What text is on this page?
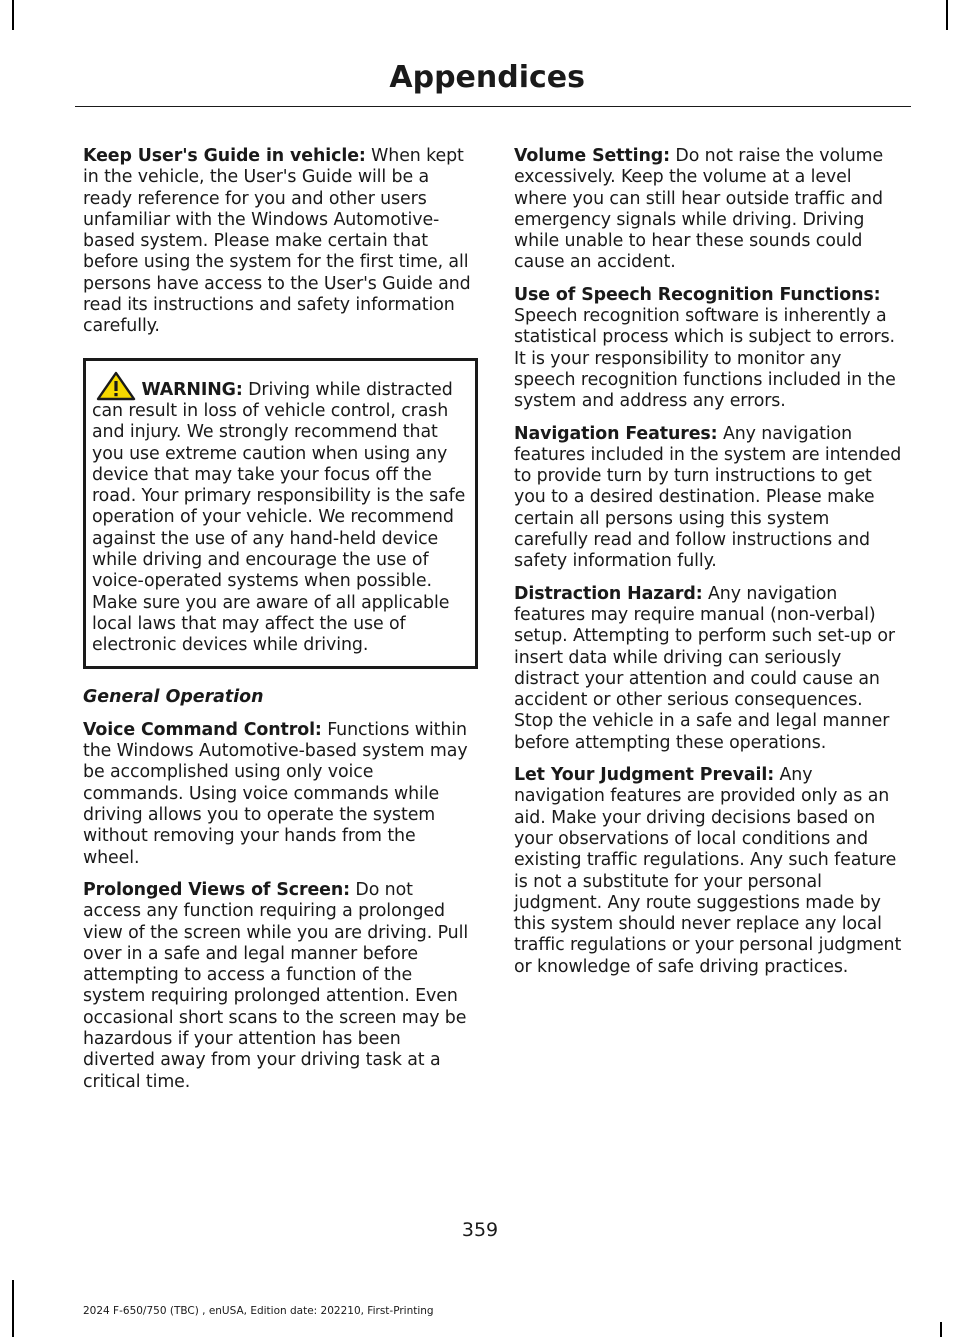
Appendices

Keep User's Guide in vehicle: When kept in the vehicle, the User's Guide will be a ready reference for you and other users unfamiliar with the Windows Automotive-based system. Please make certain that before using the system for the first time, all persons have access to the User's Guide and read its instructions and safety information carefully.

WARNING: Driving while distracted can result in loss of vehicle control, crash and injury. We strongly recommend that you use extreme caution when using any device that may take your focus off the road. Your primary responsibility is the safe operation of your vehicle. We recommend against the use of any hand-held device while driving and encourage the use of voice-operated systems when possible. Make sure you are aware of all applicable local laws that may affect the use of electronic devices while driving.

General Operation

Voice Command Control: Functions within the Windows Automotive-based system may be accomplished using only voice commands. Using voice commands while driving allows you to operate the system without removing your hands from the wheel.

Prolonged Views of Screen: Do not access any function requiring a prolonged view of the screen while you are driving. Pull over in a safe and legal manner before attempting to access a function of the system requiring prolonged attention. Even occasional short scans to the screen may be hazardous if your attention has been diverted away from your driving task at a critical time.

Volume Setting: Do not raise the volume excessively. Keep the volume at a level where you can still hear outside traffic and emergency signals while driving. Driving while unable to hear these sounds could cause an accident.

Use of Speech Recognition Functions: Speech recognition software is inherently a statistical process which is subject to errors. It is your responsibility to monitor any speech recognition functions included in the system and address any errors.

Navigation Features: Any navigation features included in the system are intended to provide turn by turn instructions to get you to a desired destination. Please make certain all persons using this system carefully read and follow instructions and safety information fully.

Distraction Hazard: Any navigation features may require manual (non-verbal) setup. Attempting to perform such set-up or insert data while driving can seriously distract your attention and could cause an accident or other serious consequences. Stop the vehicle in a safe and legal manner before attempting these operations.

Let Your Judgment Prevail: Any navigation features are provided only as an aid. Make your driving decisions based on your observations of local conditions and existing traffic regulations. Any such feature is not a substitute for your personal judgment. Any route suggestions made by this system should never replace any local traffic regulations or your personal judgment or knowledge of safe driving practices.

359
2024 F-650/750 (TBC) , enUSA, Edition date: 202210, First-Printing
